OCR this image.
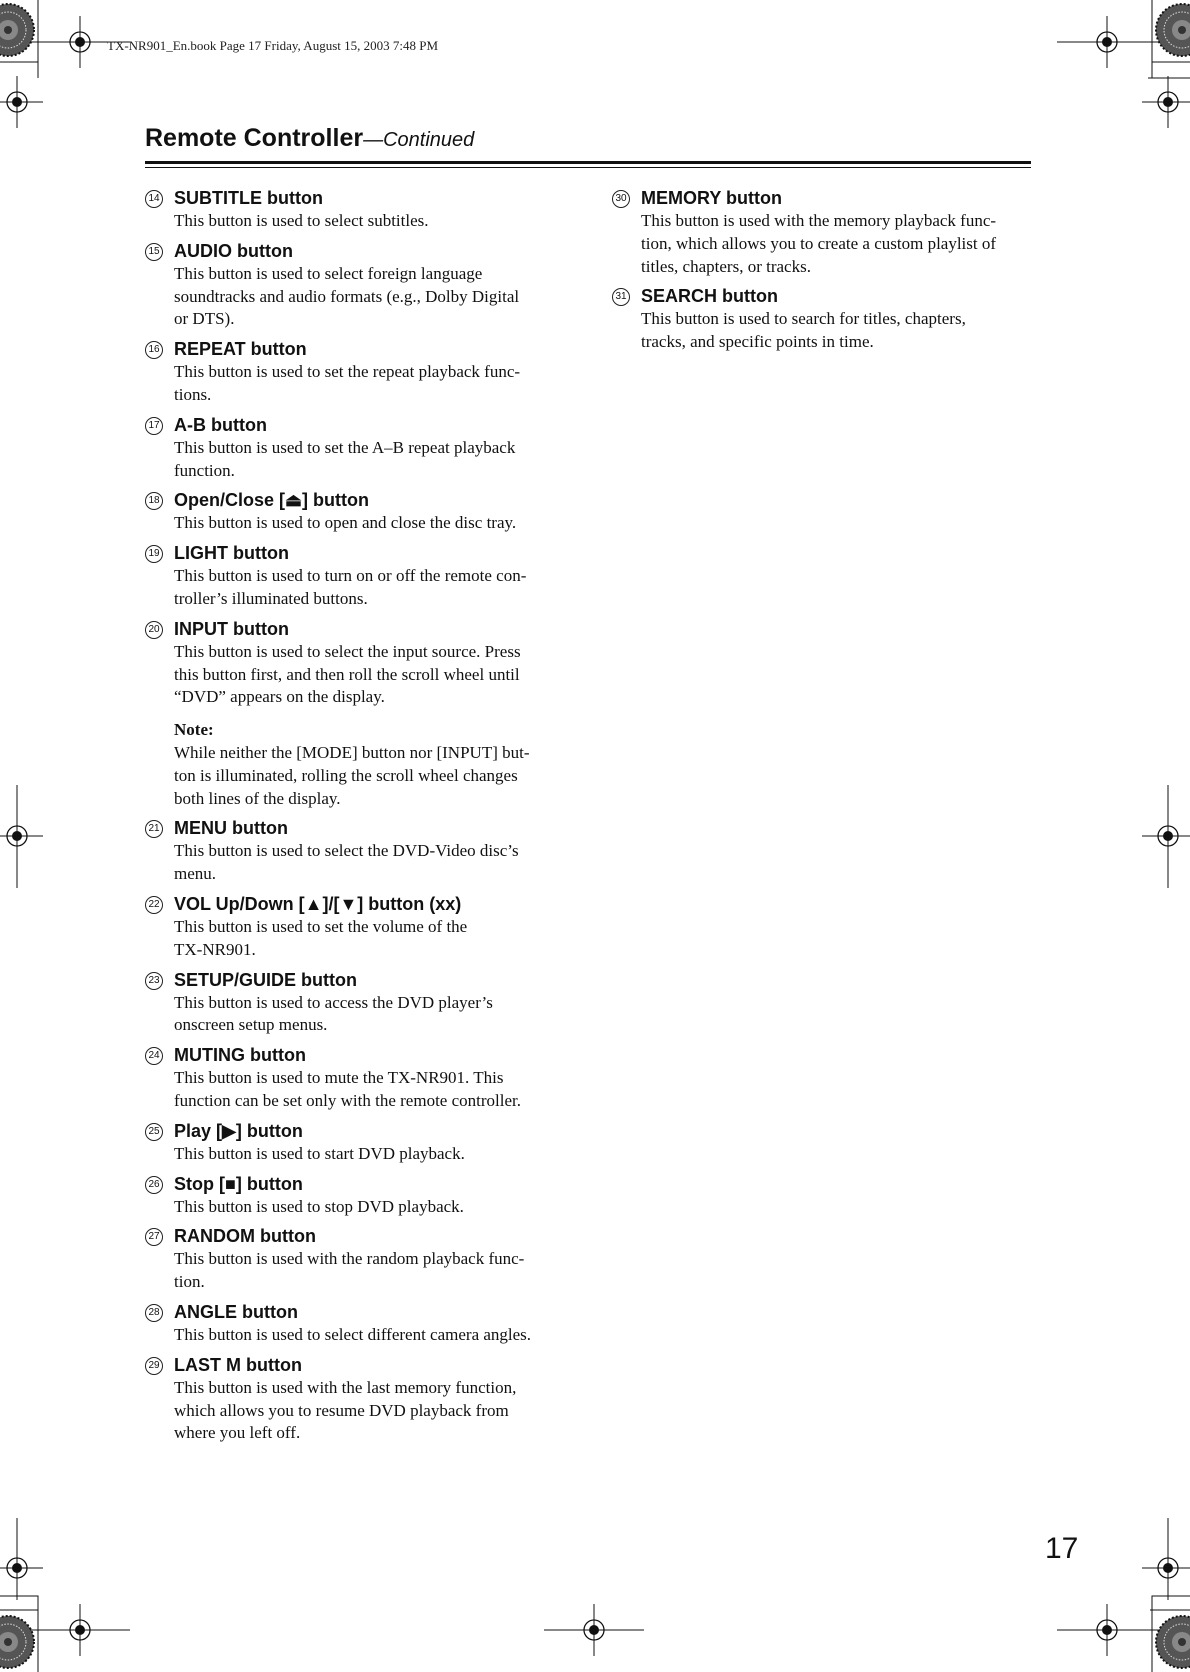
TX-NR901_En.book Page 17 Friday, August 15, 2003 7:48 PM
Remote Controller—Continued
14 SUBTITLE button
This button is used to select subtitles.
15 AUDIO button
This button is used to select foreign language
soundtracks and audio formats (e.g., Dolby Digital
or DTS).
16 REPEAT button
This button is used to set the repeat playback func-
tions.
17 A-B button
This button is used to set the A–B repeat playback
function.
18 Open/Close [⏏] button
This button is used to open and close the disc tray.
19 LIGHT button
This button is used to turn on or off the remote con-
troller’s illuminated buttons.
20 INPUT button
This button is used to select the input source. Press
this button first, and then roll the scroll wheel until
“DVD” appears on the display.
Note:
While neither the [MODE] button nor [INPUT] but-
ton is illuminated, rolling the scroll wheel changes
both lines of the display.
21 MENU button
This button is used to select the DVD-Video disc’s
menu.
22 VOL Up/Down [▲]/[▼] button (xx)
This button is used to set the volume of the
TX-NR901.
23 SETUP/GUIDE button
This button is used to access the DVD player’s
onscreen setup menus.
24 MUTING button
This button is used to mute the TX-NR901. This
function can be set only with the remote controller.
25 Play [▶] button
This button is used to start DVD playback.
26 Stop [■] button
This button is used to stop DVD playback.
27 RANDOM button
This button is used with the random playback func-
tion.
28 ANGLE button
This button is used to select different camera angles.
29 LAST M button
This button is used with the last memory function,
which allows you to resume DVD playback from
where you left off.
30 MEMORY button
This button is used with the memory playback func-
tion, which allows you to create a custom playlist of
titles, chapters, or tracks.
31 SEARCH button
This button is used to search for titles, chapters,
tracks, and specific points in time.
17
